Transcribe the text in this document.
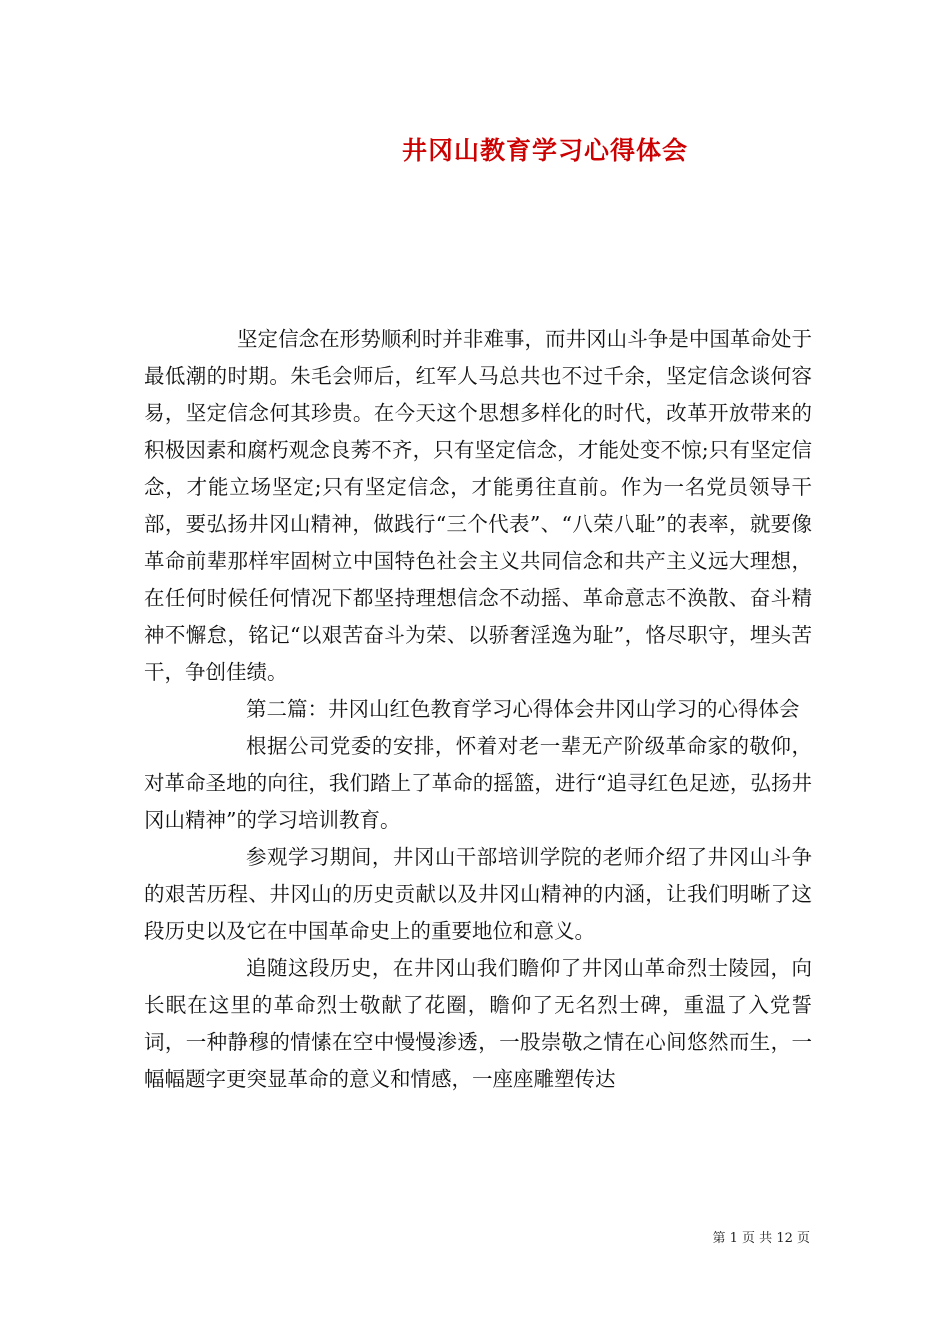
井冈山教育学习心得体会

坚定信念在形势顺利时并非难事，而井冈山斗争是中国革命处于最低潮的时期。朱毛会师后，红军人马总共也不过千余，坚定信念谈何容易，坚定信念何其珍贵。在今天这个思想多样化的时代，改革开放带来的积极因素和腐朽观念良莠不齐，只有坚定信念，才能处变不惊;只有坚定信念，才能立场坚定;只有坚定信念，才能勇往直前。作为一名党员领导干部，要弘扬井冈山精神，做践行“三个代表”、“八荣八耻”的表率，就要像革命前辈那样牢固树立中国特色社会主义共同信念和共产主义远大理想，在任何时候任何情况下都坚持理想信念不动摇、革命意志不涣散、奋斗精神不懈怠，铭记“以艰苦奋斗为荣、以骄奢淫逸为耻”，恪尽职守，埋头苦干，争创佳绩。

第二篇：井冈山红色教育学习心得体会井冈山学习的心得体会

根据公司党委的安排，怀着对老一辈无产阶级革命家的敬仰，对革命圣地的向往，我们踏上了革命的摇篮，进行“追寻红色足迹，弘扬井冈山精神”的学习培训教育。

参观学习期间，井冈山干部培训学院的老师介绍了井冈山斗争的艰苦历程、井冈山的历史贡献以及井冈山精神的内涵，让我们明晰了这段历史以及它在中国革命史上的重要地位和意义。

追随这段历史，在井冈山我们瞻仰了井冈山革命烈士陵园，向长眠在这里的革命烈士敬献了花圈，瞻仰了无名烈士碑，重温了入党誓词，一种静穆的情愫在空中慢慢渗透，一股崇敬之情在心间悠然而生，一幅幅题字更突显革命的意义和情感，一座座雕塑传达

第 1 页 共 12 页
